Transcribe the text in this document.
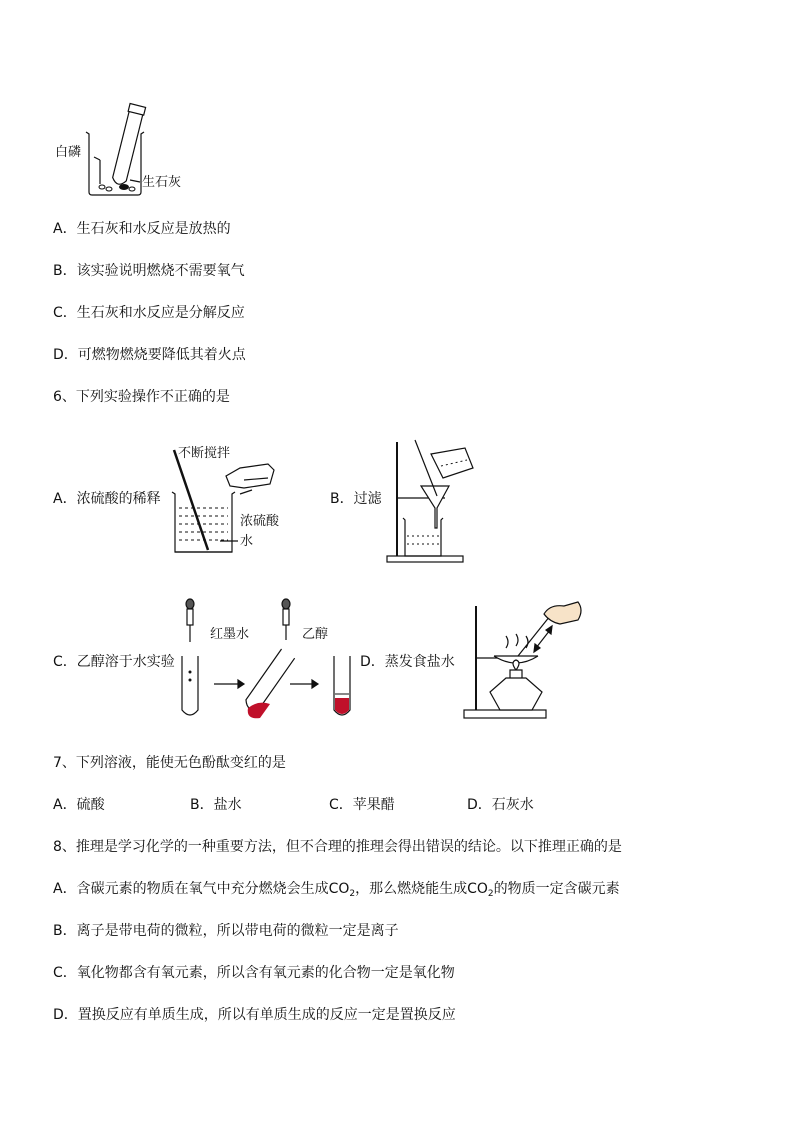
白磷
生石灰
A．生石灰和水反应是放热的
B．该实验说明燃烧不需要氧气
C．生石灰和水反应是分解反应
D．可燃物燃烧要降低其着火点
6、下列实验操作不正确的是
A．浓硫酸的稀释
不断搅拌
浓硫酸
水
B．过滤
C．乙醇溶于水实验
红墨水	乙醇
D．蒸发食盐水
7、下列溶液，能使无色酚酞变红的是
A．硫酸	B．盐水	C．苹果醋	D．石灰水
8、推理是学习化学的一种重要方法，但不合理的推理会得出错误的结论。以下推理正确的是
A．含碳元素的物质在氧气中充分燃烧会生成$CO_2$，那么燃烧能生成$CO_2$的物质一定含碳元素
B．离子是带电荷的微粒，所以带电荷的微粒一定是离子
C．氧化物都含有氧元素，所以含有氧元素的化合物一定是氧化物
D．置换反应有单质生成，所以有单质生成的反应一定是置换反应
